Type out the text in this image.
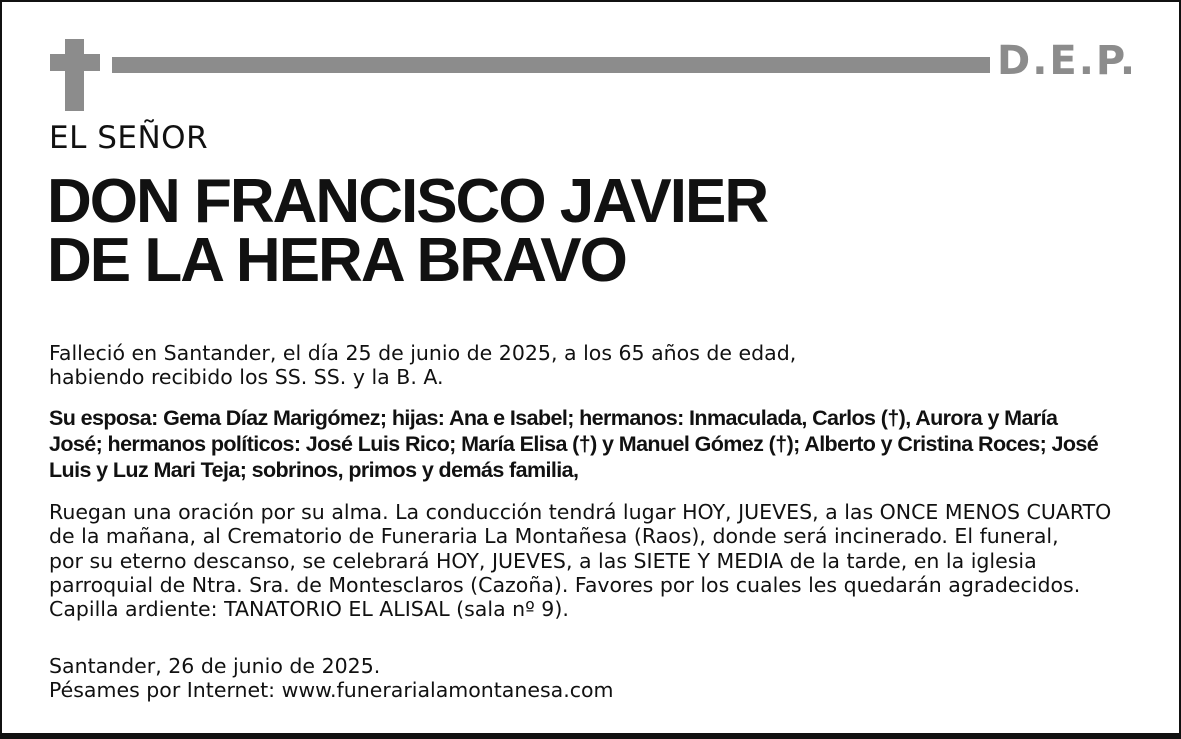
D.E.P.
EL SEÑOR
DON FRANCISCO JAVIER
DE LA HERA BRAVO
Falleció en Santander, el día 25 de junio de 2025, a los 65 años de edad,
habiendo recibido los SS. SS. y la B. A.
Su esposa: Gema Díaz Marigómez; hijas: Ana e Isabel; hermanos: Inmaculada, Carlos (†), Aurora y María
José; hermanos políticos: José Luis Rico; María Elisa (†) y Manuel Gómez (†); Alberto y Cristina Roces; José
Luis y Luz Mari Teja; sobrinos, primos y demás familia,
Ruegan una oración por su alma. La conducción tendrá lugar HOY, JUEVES, a las ONCE MENOS CUARTO
de la mañana, al Crematorio de Funeraria La Montañesa (Raos), donde será incinerado. El funeral,
por su eterno descanso, se celebrará HOY, JUEVES, a las SIETE Y MEDIA de la tarde, en la iglesia
parroquial de Ntra. Sra. de Montesclaros (Cazoña). Favores por los cuales les quedarán agradecidos.
Capilla ardiente: TANATORIO EL ALISAL (sala nº 9).
Santander, 26 de junio de 2025.
Pésames por Internet: www.funerarialamontanesa.com
